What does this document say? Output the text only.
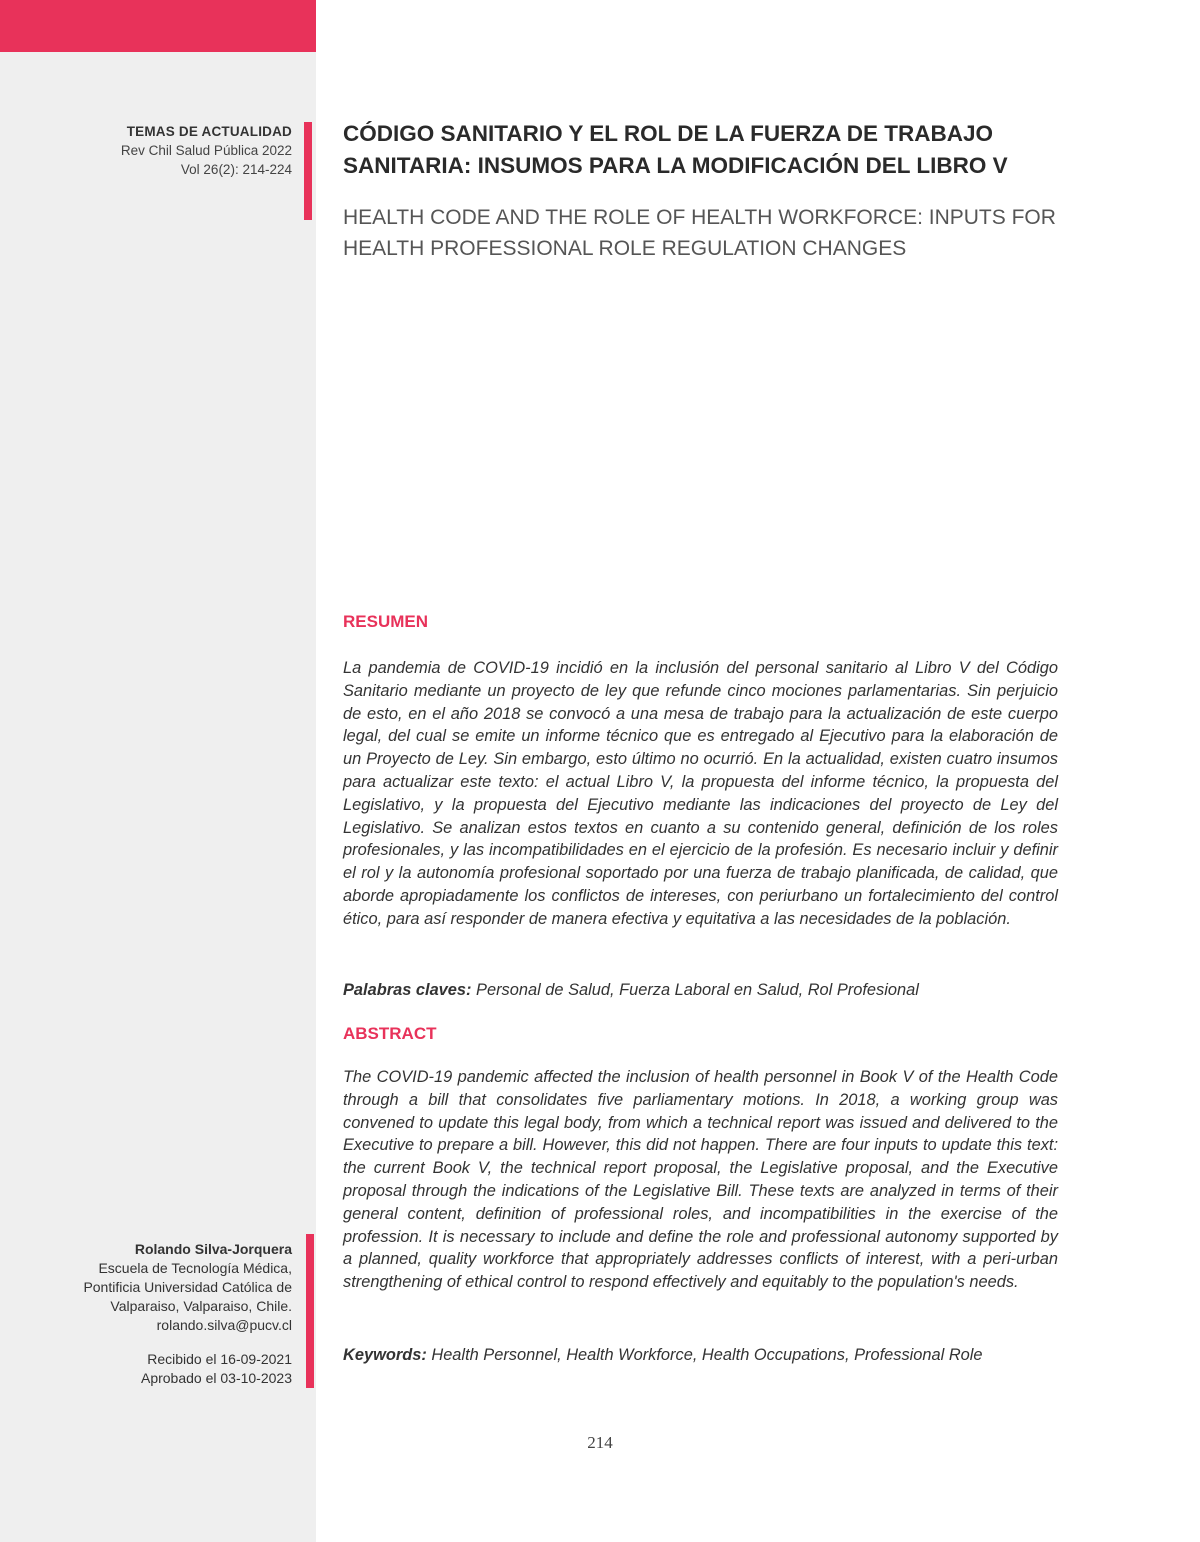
TEMAS DE ACTUALIDAD
Rev Chil Salud Pública 2022
Vol 26(2): 214-224
Rolando Silva-Jorquera
Escuela de Tecnología Médica,
Pontificia Universidad Católica de
Valparaiso, Valparaiso, Chile.
rolando.silva@pucv.cl
Recibido el 16-09-2021
Aprobado el 03-10-2023
CÓDIGO SANITARIO Y EL ROL DE LA FUERZA DE TRABAJO SANITARIA: INSUMOS PARA LA MODIFICACIÓN DEL LIBRO V
HEALTH CODE AND THE ROLE OF HEALTH WORKFORCE: INPUTS FOR HEALTH PROFESSIONAL ROLE REGULATION CHANGES
RESUMEN

La pandemia de COVID-19 incidió en la inclusión del personal sanitario al Libro V del Código Sanitario mediante un proyecto de ley que refunde cinco mociones parlamentarias. Sin perjuicio de esto, en el año 2018 se convocó a una mesa de trabajo para la actualización de este cuerpo legal, del cual se emite un informe técnico que es entregado al Ejecutivo para la elaboración de un Proyecto de Ley. Sin embargo, esto último no ocurrió. En la actualidad, existen cuatro insumos para actualizar este texto: el actual Libro V, la propuesta del informe técnico, la propuesta del Legislativo, y la propuesta del Ejecutivo mediante las indicaciones del proyecto de Ley del Legislativo. Se analizan estos textos en cuanto a su contenido general, definición de los roles profesionales, y las incompatibilidades en el ejercicio de la profesión. Es necesario incluir y definir el rol y la autonomía profesional soportado por una fuerza de trabajo planificada, de calidad, que aborde apropiadamente los conflictos de intereses, con periurbano un fortalecimiento del control ético, para así responder de manera efectiva y equitativa a las necesidades de la población.

Palabras claves: Personal de Salud, Fuerza Laboral en Salud, Rol Profesional

ABSTRACT

The COVID-19 pandemic affected the inclusion of health personnel in Book V of the Health Code through a bill that consolidates five parliamentary motions. In 2018, a working group was convened to update this legal body, from which a technical report was issued and delivered to the Executive to prepare a bill. However, this did not happen. There are four inputs to update this text: the current Book V, the technical report proposal, the Legislative proposal, and the Executive proposal through the indications of the Legislative Bill. These texts are analyzed in terms of their general content, definition of professional roles, and incompatibilities in the exercise of the profession. It is necessary to include and define the role and professional autonomy supported by a planned, quality workforce that appropriately addresses conflicts of interest, with a peri-urban strengthening of ethical control to respond effectively and equitably to the population's needs.

Keywords: Health Personnel, Health Workforce, Health Occupations, Professional Role

214
